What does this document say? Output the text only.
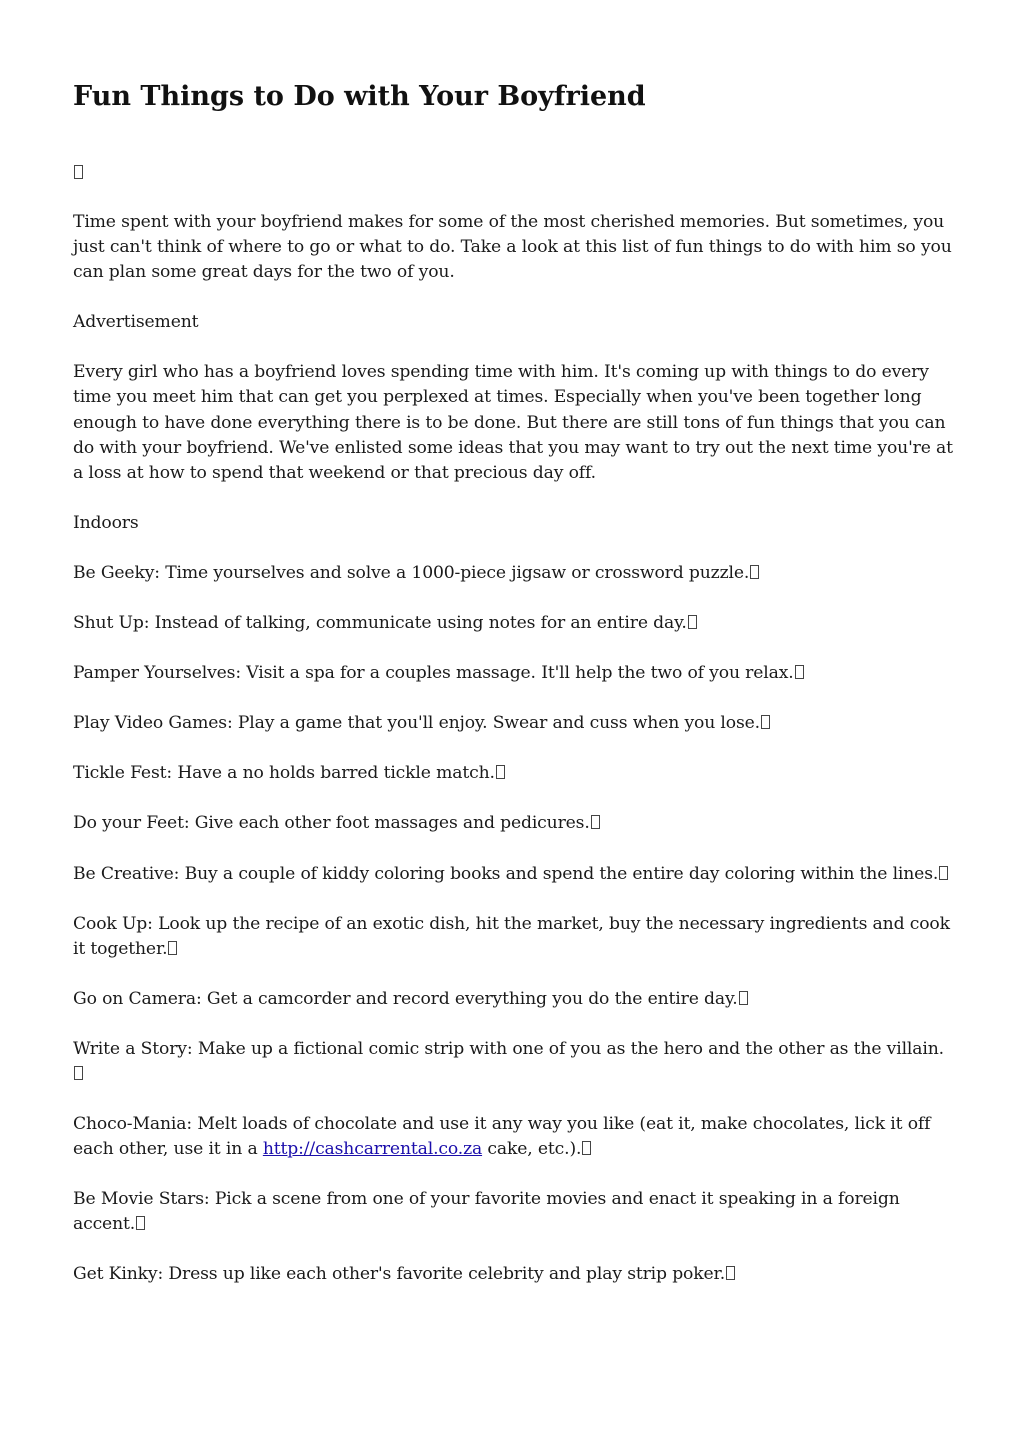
Fun Things to Do with Your Boyfriend

Time spent with your boyfriend makes for some of the most cherished memories. But sometimes, you just can't think of where to go or what to do. Take a look at this list of fun things to do with him so you can plan some great days for the two of you.

Advertisement

Every girl who has a boyfriend loves spending time with him. It's coming up with things to do every time you meet him that can get you perplexed at times. Especially when you've been together long enough to have done everything there is to be done. But there are still tons of fun things that you can do with your boyfriend. We've enlisted some ideas that you may want to try out the next time you're at a loss at how to spend that weekend or that precious day off.

Indoors

Be Geeky: Time yourselves and solve a 1000-piece jigsaw or crossword puzzle.

Shut Up: Instead of talking, communicate using notes for an entire day.

Pamper Yourselves: Visit a spa for a couples massage. It'll help the two of you relax.

Play Video Games: Play a game that you'll enjoy. Swear and cuss when you lose.

Tickle Fest: Have a no holds barred tickle match.

Do your Feet: Give each other foot massages and pedicures.

Be Creative: Buy a couple of kiddy coloring books and spend the entire day coloring within the lines.

Cook Up: Look up the recipe of an exotic dish, hit the market, buy the necessary ingredients and cook it together.

Go on Camera: Get a camcorder and record everything you do the entire day.

Write a Story: Make up a fictional comic strip with one of you as the hero and the other as the villain.

Choco-Mania: Melt loads of chocolate and use it any way you like (eat it, make chocolates, lick it off each other, use it in a http://cashcarrental.co.za cake, etc.).

Be Movie Stars: Pick a scene from one of your favorite movies and enact it speaking in a foreign accent.

Get Kinky: Dress up like each other's favorite celebrity and play strip poker.
